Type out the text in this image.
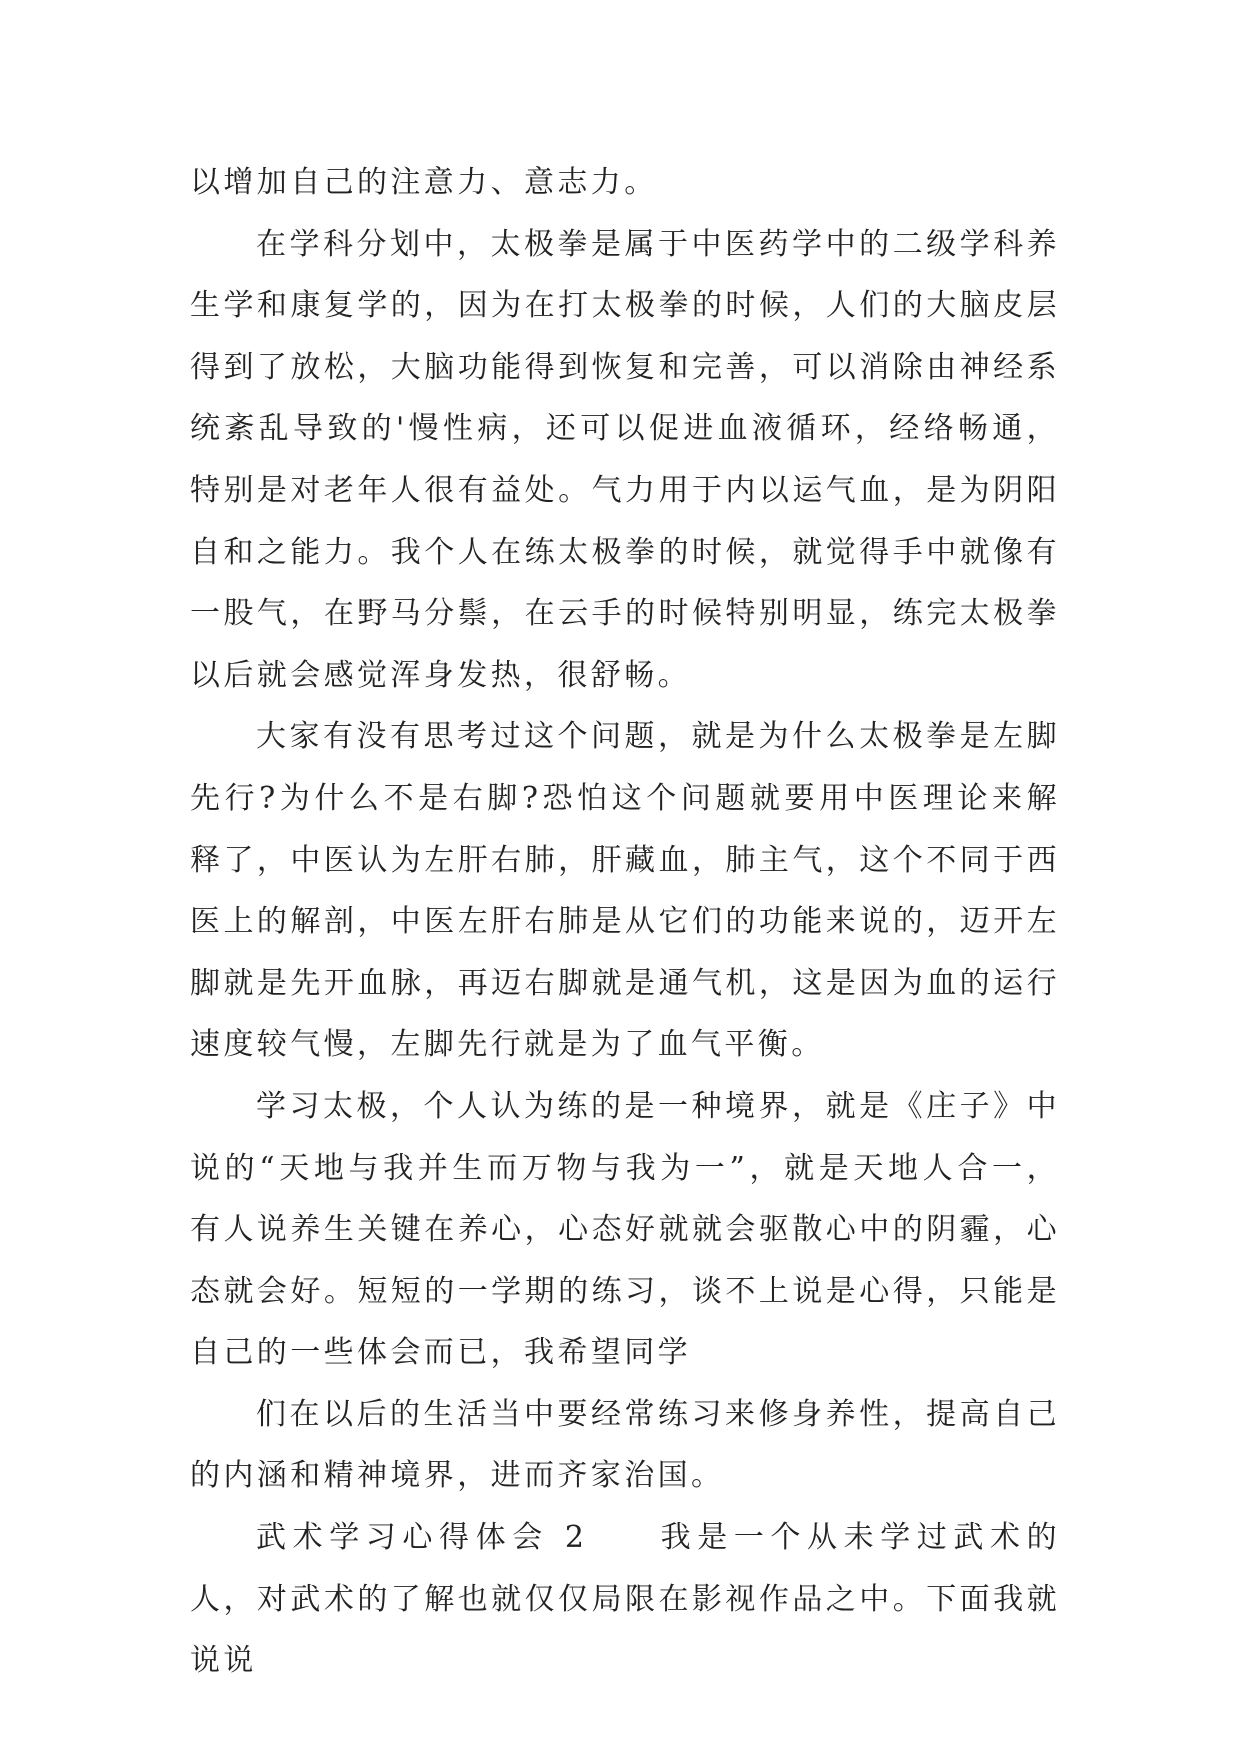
以增加自己的注意力、意志力。

在学科分划中，太极拳是属于中医药学中的二级学科养生学和康复学的，因为在打太极拳的时候，人们的大脑皮层得到了放松，大脑功能得到恢复和完善，可以消除由神经系统紊乱导致的'慢性病，还可以促进血液循环，经络畅通，特别是对老年人很有益处。气力用于内以运气血，是为阴阳自和之能力。我个人在练太极拳的时候，就觉得手中就像有一股气，在野马分鬃，在云手的时候特别明显，练完太极拳以后就会感觉浑身发热，很舒畅。

大家有没有思考过这个问题，就是为什么太极拳是左脚先行?为什么不是右脚?恐怕这个问题就要用中医理论来解释了，中医认为左肝右肺，肝藏血，肺主气，这个不同于西医上的解剖，中医左肝右肺是从它们的功能来说的，迈开左脚就是先开血脉，再迈右脚就是通气机，这是因为血的运行速度较气慢，左脚先行就是为了血气平衡。

学习太极，个人认为练的是一种境界，就是《庄子》中说的“天地与我并生而万物与我为一”，就是天地人合一，有人说养生关键在养心，心态好就就会驱散心中的阴霾，心态就会好。短短的一学期的练习，谈不上说是心得，只能是自己的一些体会而已，我希望同学

们在以后的生活当中要经常练习来修身养性，提高自己的内涵和精神境界，进而齐家治国。

武术学习心得体会 2 我是一个从未学过武术的人，对武术的了解也就仅仅局限在影视作品之中。下面我就说说
